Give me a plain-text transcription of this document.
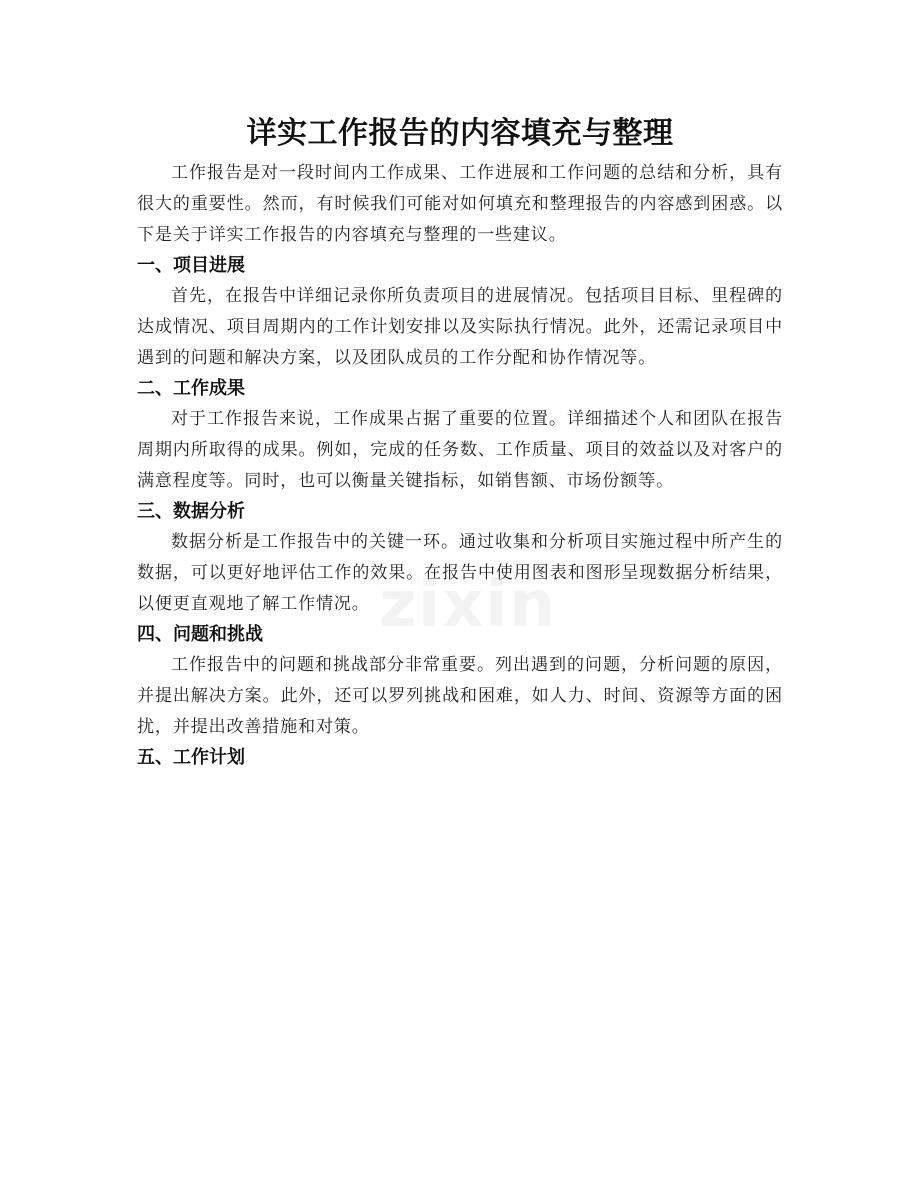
详实工作报告的内容填充与整理

工作报告是对一段时间内工作成果、工作进展和工作问题的总结和分析，具有很大的重要性。然而，有时候我们可能对如何填充和整理报告的内容感到困惑。以下是关于详实工作报告的内容填充与整理的一些建议。

一、项目进展

首先，在报告中详细记录你所负责项目的进展情况。包括项目目标、里程碑的达成情况、项目周期内的工作计划安排以及实际执行情况。此外，还需记录项目中遇到的问题和解决方案，以及团队成员的工作分配和协作情况等。

二、工作成果

对于工作报告来说，工作成果占据了重要的位置。详细描述个人和团队在报告周期内所取得的成果。例如，完成的任务数、工作质量、项目的效益以及对客户的满意程度等。同时，也可以衡量关键指标，如销售额、市场份额等。

三、数据分析

数据分析是工作报告中的关键一环。通过收集和分析项目实施过程中所产生的数据，可以更好地评估工作的效果。在报告中使用图表和图形呈现数据分析结果，以便更直观地了解工作情况。

四、问题和挑战

工作报告中的问题和挑战部分非常重要。列出遇到的问题，分析问题的原因，并提出解决方案。此外，还可以罗列挑战和困难，如人力、时间、资源等方面的困扰，并提出改善措施和对策。

五、工作计划
zixin
